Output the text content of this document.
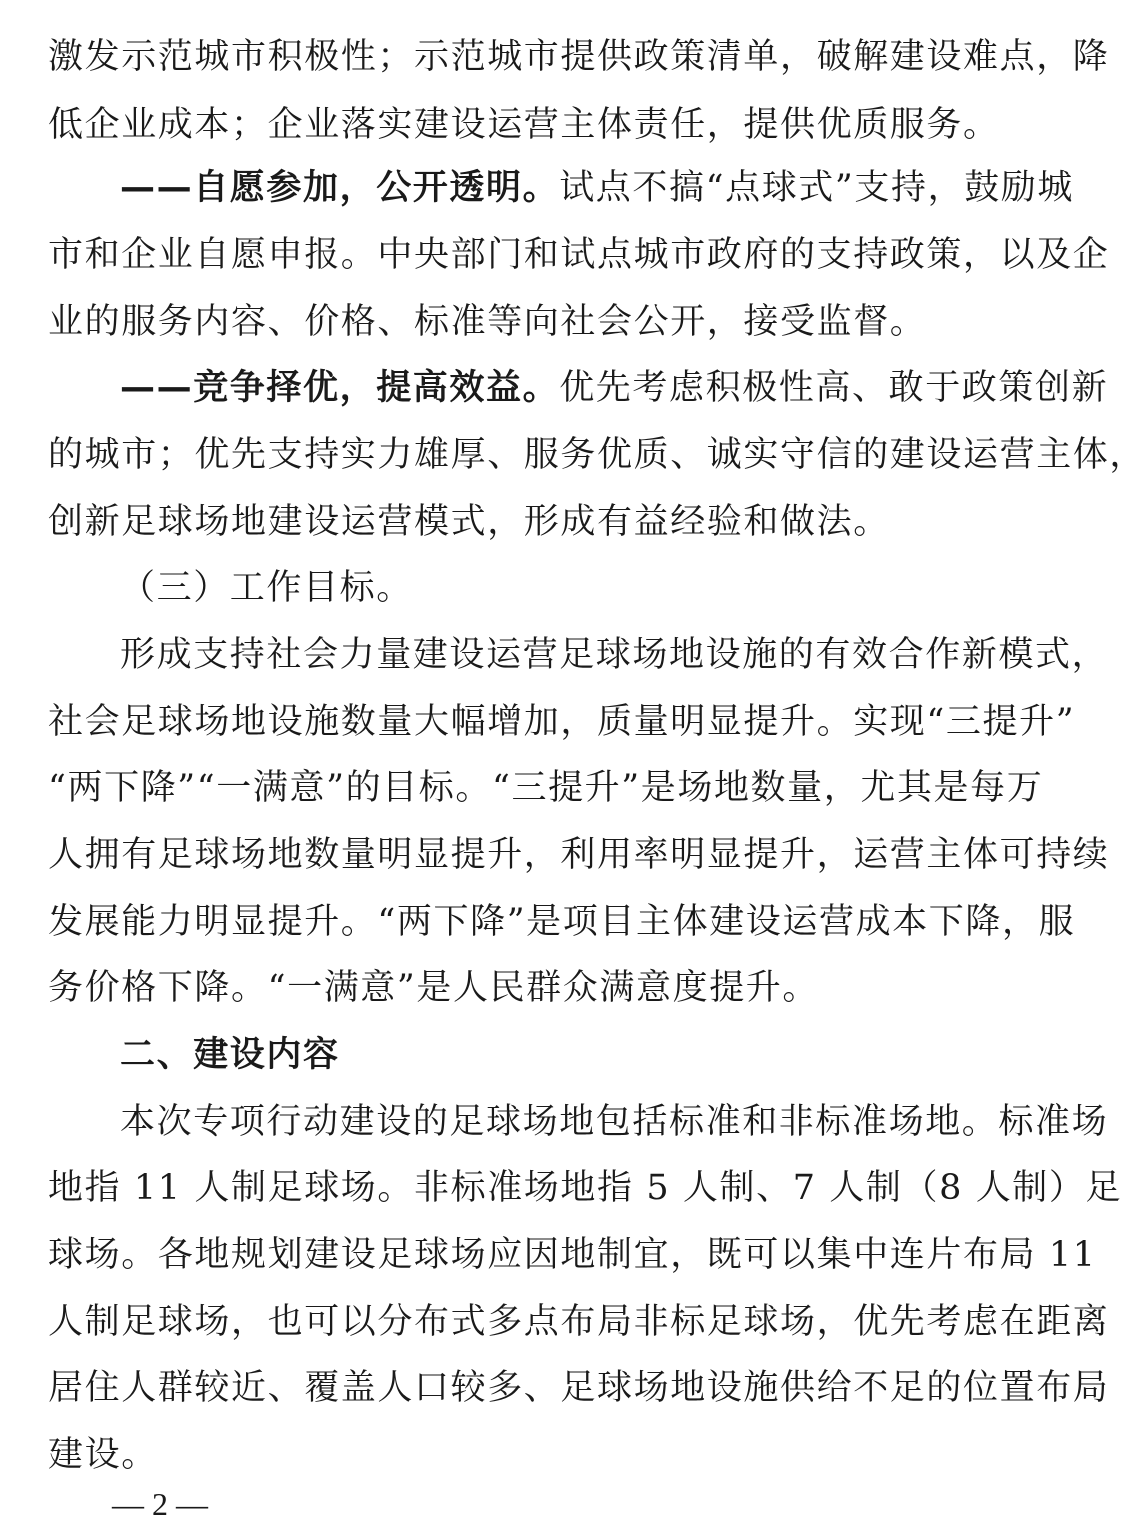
激发示范城市积极性；示范城市提供政策清单，破解建设难点，降
低企业成本；企业落实建设运营主体责任，提供优质服务。
——自愿参加，公开透明。试点不搞“点球式”支持，鼓励城
市和企业自愿申报。中央部门和试点城市政府的支持政策，以及企
业的服务内容、价格、标准等向社会公开，接受监督。
——竞争择优，提高效益。优先考虑积极性高、敢于政策创新
的城市；优先支持实力雄厚、服务优质、诚实守信的建设运营主体，
创新足球场地建设运营模式，形成有益经验和做法。
（三）工作目标。
形成支持社会力量建设运营足球场地设施的有效合作新模式，
社会足球场地设施数量大幅增加，质量明显提升。实现“三提升”
“两下降”“一满意”的目标。“三提升”是场地数量，尤其是每万
人拥有足球场地数量明显提升，利用率明显提升，运营主体可持续
发展能力明显提升。“两下降”是项目主体建设运营成本下降，服
务价格下降。“一满意”是人民群众满意度提升。
二、建设内容
本次专项行动建设的足球场地包括标准和非标准场地。标准场
地指 11 人制足球场。非标准场地指 5 人制、7 人制（8 人制）足
球场。各地规划建设足球场应因地制宜，既可以集中连片布局 11
人制足球场，也可以分布式多点布局非标足球场，优先考虑在距离
居住人群较近、覆盖人口较多、足球场地设施供给不足的位置布局
建设。
— 2 —
